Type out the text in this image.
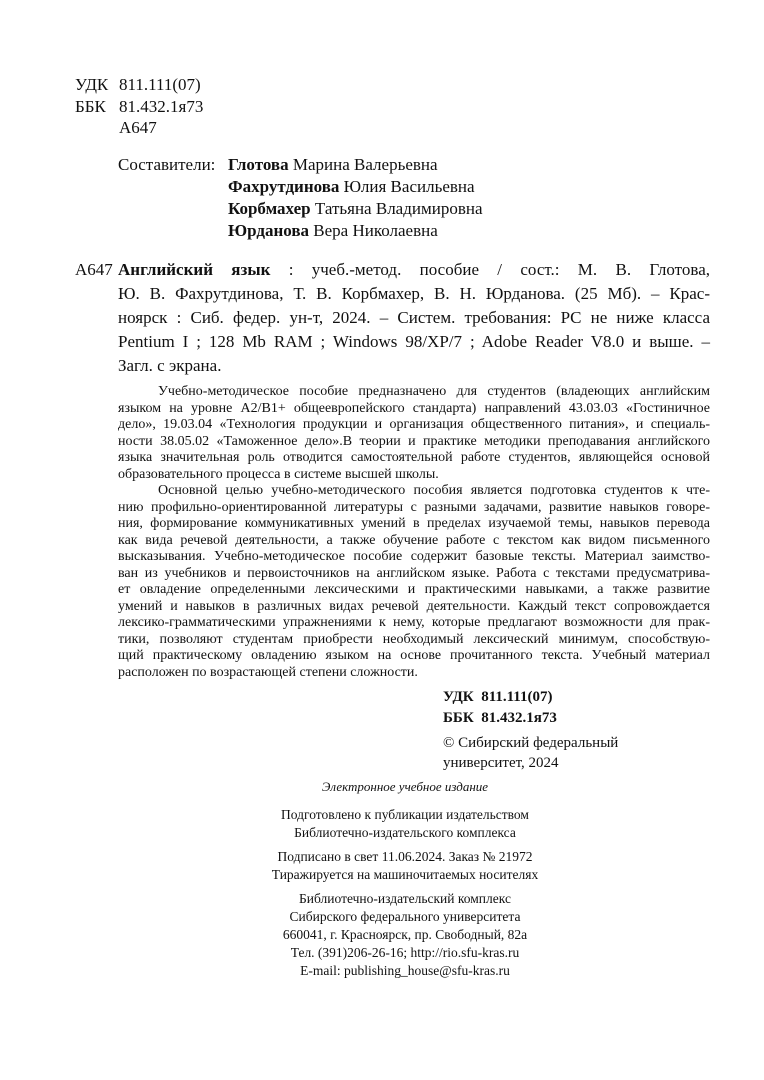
УДК 811.111(07)
ББК 81.432.1я73
А647
Составители: Глотова Марина Валерьевна
Фахрутдинова Юлия Васильевна
Корбмахер Татьяна Владимировна
Юрданова Вера Николаевна
А647 Английский язык : учеб.-метод. пособие / сост.: М. В. Глотова,
Ю. В. Фахрутдинова, Т. В. Корбмахер, В. Н. Юрданова. (25 Мб). – Крас-
ноярск : Сиб. федер. ун-т, 2024. – Систем. требования: PC не ниже класса
Pentium I ; 128 Mb RAM ; Windows 98/XP/7 ; Adobe Reader V8.0 и выше. –
Загл. с экрана.
Учебно-методическое пособие предназначено для студентов (владеющих английским
языком на уровне A2/B1+ общеевропейского стандарта) направлений 43.03.03 «Гостиничное
дело», 19.03.04 «Технология продукции и организация общественного питания», и специаль-
ности 38.05.02 «Таможенное дело».В теории и практике методики преподавания английского
языка значительная роль отводится самостоятельной работе студентов, являющейся основой
образовательного процесса в системе высшей школы.
Основной целью учебно-методического пособия является подготовка студентов к чте-
нию профильно-ориентированной литературы с разными задачами, развитие навыков говоре-
ния, формирование коммуникативных умений в пределах изучаемой темы, навыков перевода
как вида речевой деятельности, а также обучение работе с текстом как видом письменного
высказывания. Учебно-методическое пособие содержит базовые тексты. Материал заимство-
ван из учебников и первоисточников на английском языке. Работа с текстами предусматрива-
ет овладение определенными лексическими и практическими навыками, а также развитие
умений и навыков в различных видах речевой деятельности. Каждый текст сопровождается
лексико-грамматическими упражнениями к нему, которые предлагают возможности для прак-
тики, позволяют студентам приобрести необходимый лексический минимум, способствую-
щий практическому овладению языком на основе прочитанного текста. Учебный материал
расположен по возрастающей степени сложности.
УДК  811.111(07)
ББК  81.432.1я73
© Сибирский федеральный
университет, 2024
Электронное учебное издание
Подготовлено к публикации издательством
Библиотечно-издательского комплекса
Подписано в свет 11.06.2024. Заказ № 21972
Тиражируется на машиночитаемых носителях
Библиотечно-издательский комплекс
Сибирского федерального университета
660041, г. Красноярск, пр. Свободный, 82а
Тел. (391)206-26-16; http://rio.sfu-kras.ru
E-mail: publishing_house@sfu-kras.ru
